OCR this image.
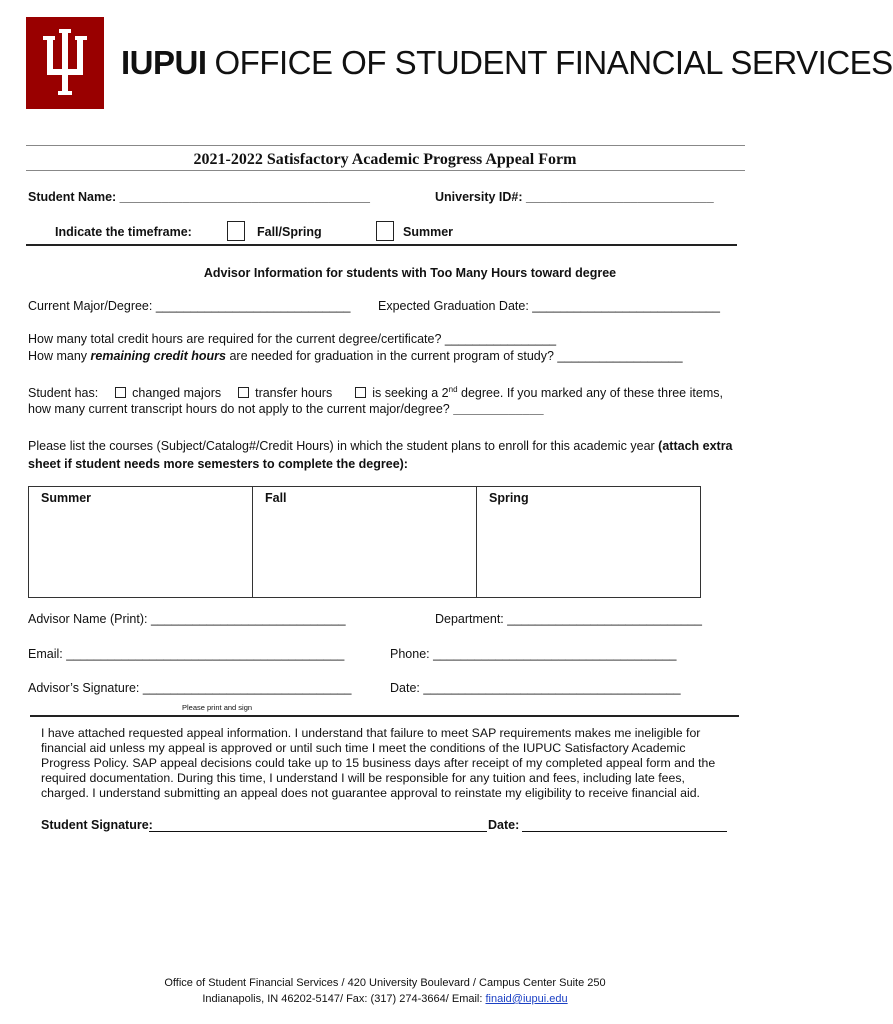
IUPUI OFFICE OF STUDENT FINANCIAL SERVICES
2021-2022 Satisfactory Academic Progress Appeal Form
Student Name: ____________________________________	University ID#: ___________________________
Indicate the timeframe:	Fall/Spring	Summer
Advisor Information for students with Too Many Hours toward degree
Current Major/Degree: ____________________________ Expected Graduation Date: ___________________________
How many total credit hours are required for the current degree/certificate? ________________
How many remaining credit hours are needed for graduation in the current program of study? __________________
Student has:	changed majors	transfer hours	is seeking a 2nd degree. If you marked any of these three items,
how many current transcript hours do not apply to the current major/degree? _____________
Please list the courses (Subject/Catalog#/Credit Hours) in which the student plans to enroll for this academic year (attach extra sheet if student needs more semesters to complete the degree):
Summer	Fall	Spring
Advisor Name (Print): ____________________________	Department: ____________________________
Email: ________________________________________	Phone: ___________________________________
Advisor’s Signature: ______________________________	Date: _____________________________________
Please print and sign
I have attached requested appeal information. I understand that failure to meet SAP requirements makes me ineligible for financial aid unless my appeal is approved or until such time I meet the conditions of the IUPUC Satisfactory Academic Progress Policy. SAP appeal decisions could take up to 15 business days after receipt of my completed appeal form and the required documentation. During this time, I understand I will be responsible for any tuition and fees, including late fees, charged. I understand submitting an appeal does not guarantee approval to reinstate my eligibility to receive financial aid.
Student Signature:	Date:
Office of Student Financial Services / 420 University Boulevard / Campus Center Suite 250
Indianapolis, IN 46202-5147/ Fax: (317) 274-3664/ Email: finaid@iupui.edu
